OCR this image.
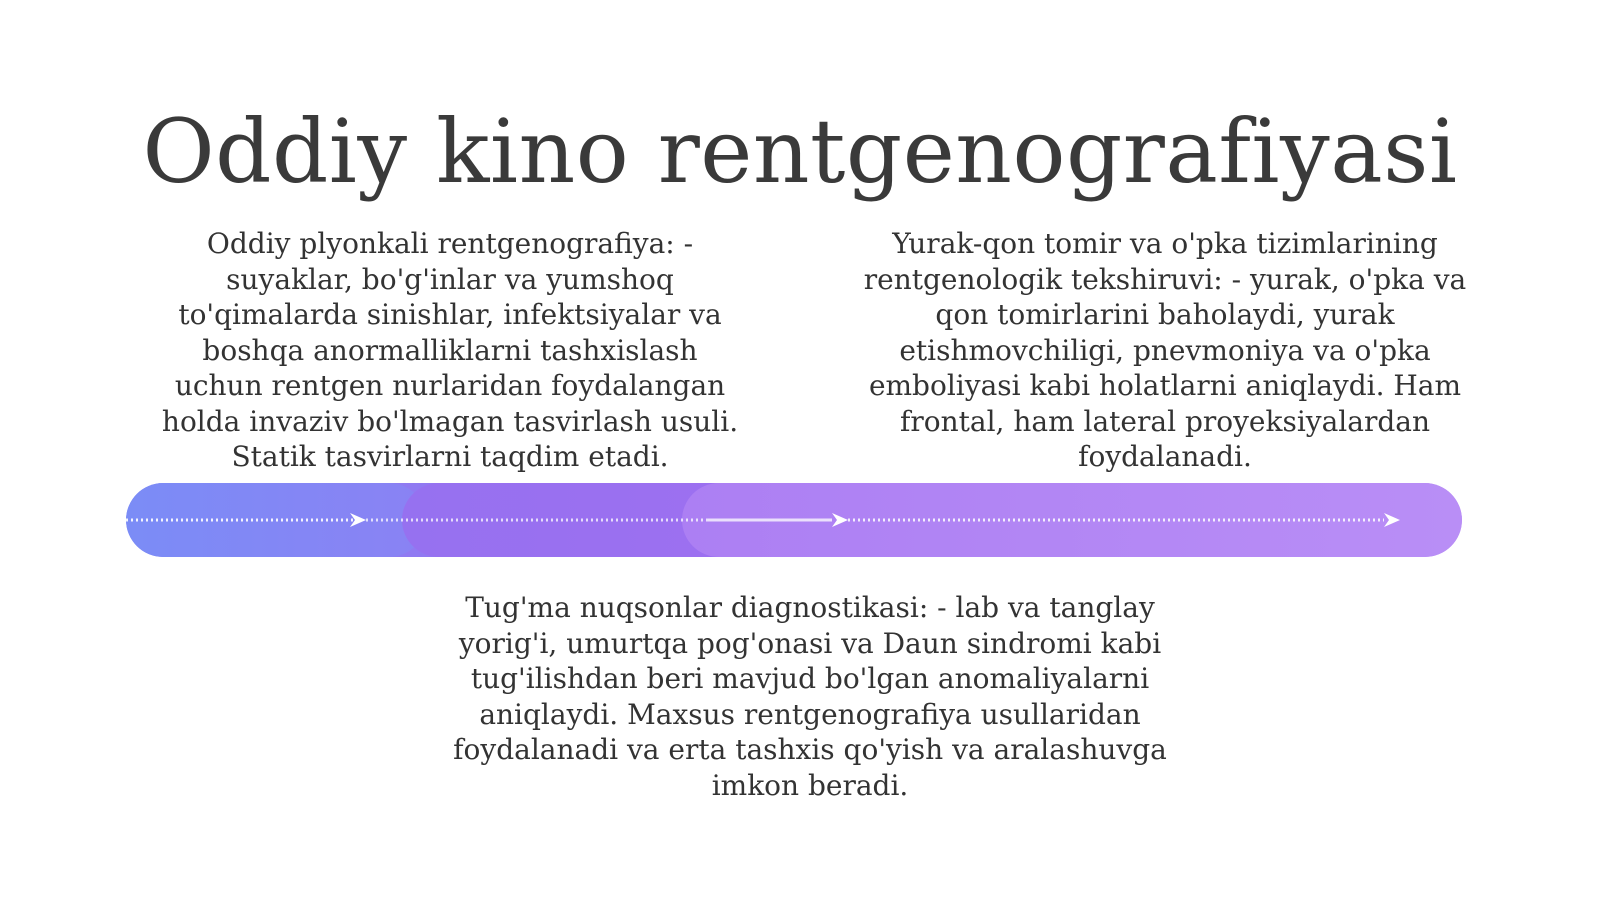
Oddiy kino rentgenografiyasi
Oddiy plyonkali rentgenografiya: - suyaklar, bo'g'inlar va yumshoq to'qimalarda sinishlar, infektsiyalar va boshqa anormalliklarni tashxislash uchun rentgen nurlaridan foydalangan holda invaziv bo'lmagan tasvirlash usuli. Statik tasvirlarni taqdim etadi.
Yurak-qon tomir va o'pka tizimlarining rentgenologik tekshiruvi: - yurak, o'pka va qon tomirlarini baholaydi, yurak etishmovchiligi, pnevmoniya va o'pka emboliyasi kabi holatlarni aniqlaydi. Ham frontal, ham lateral proyeksiyalardan foydalanadi.
Tug'ma nuqsonlar diagnostikasi: - lab va tanglay yorig'i, umurtqa pog'onasi va Daun sindromi kabi tug'ilishdan beri mavjud bo'lgan anomaliyalarni aniqlaydi. Maxsus rentgenografiya usullaridan foydalanadi va erta tashxis qo'yish va aralashuvga imkon beradi.
